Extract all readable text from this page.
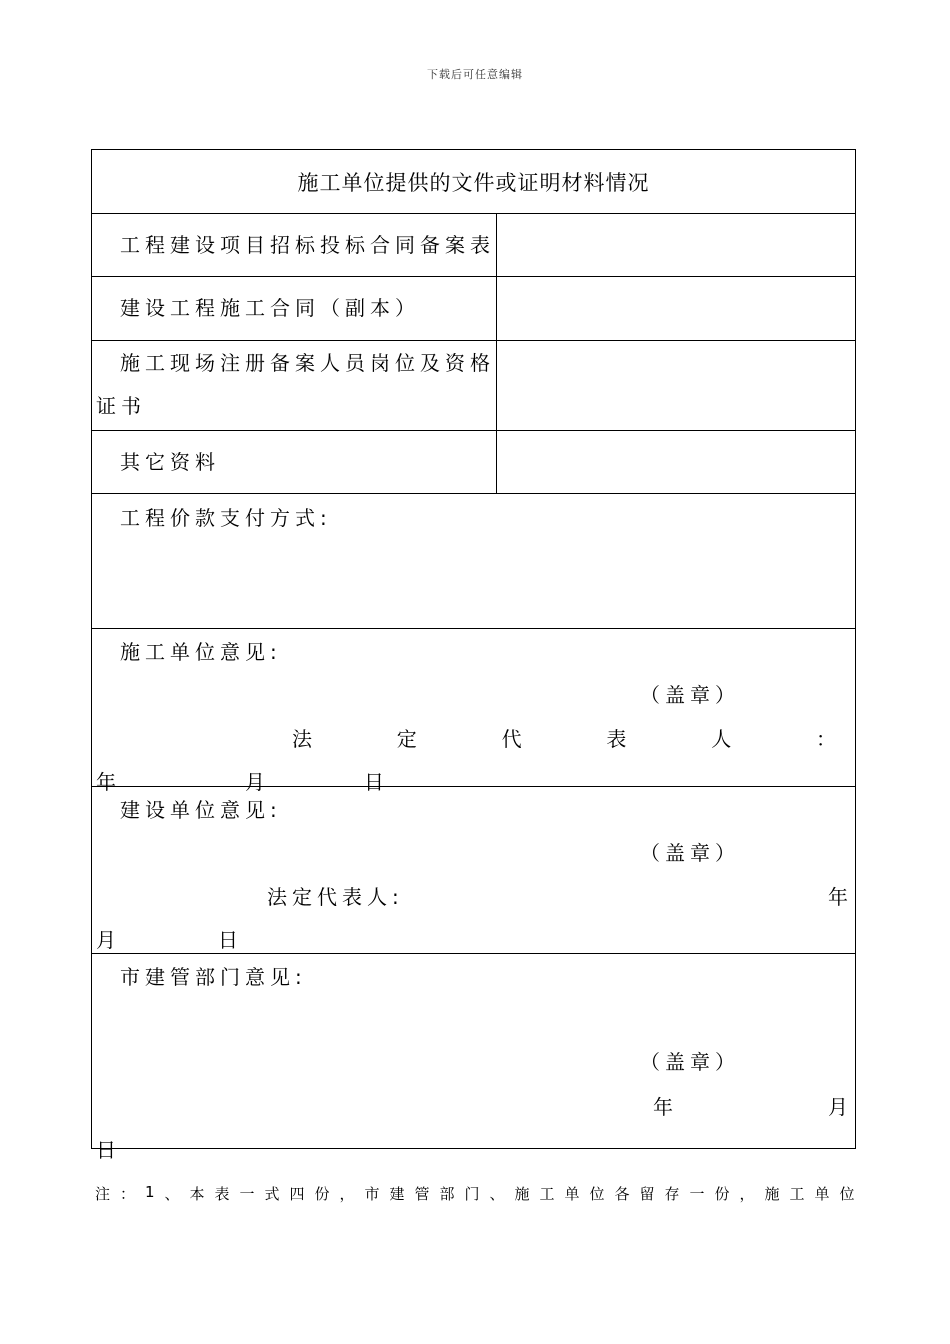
下载后可任意编辑
施工单位提供的文件或证明材料情况
工程建设项目招标投标合同备案表
建设工程施工合同（副本）
施工现场注册备案人员岗位及资格
证书
其它资料
工程价款支付方式:
施工单位意见:
（盖章）
法	定	代	表	人	：
年	月	日
建设单位意见:
（盖章）
法定代表人:	年
月	日
市建管部门意见:
（盖章）
年	月
日
注 ： 1 、 本 表 一 式 四 份 ， 市 建 管 部 门 、 施 工 单 位 各 留 存 一 份 ， 施 工 单 位
